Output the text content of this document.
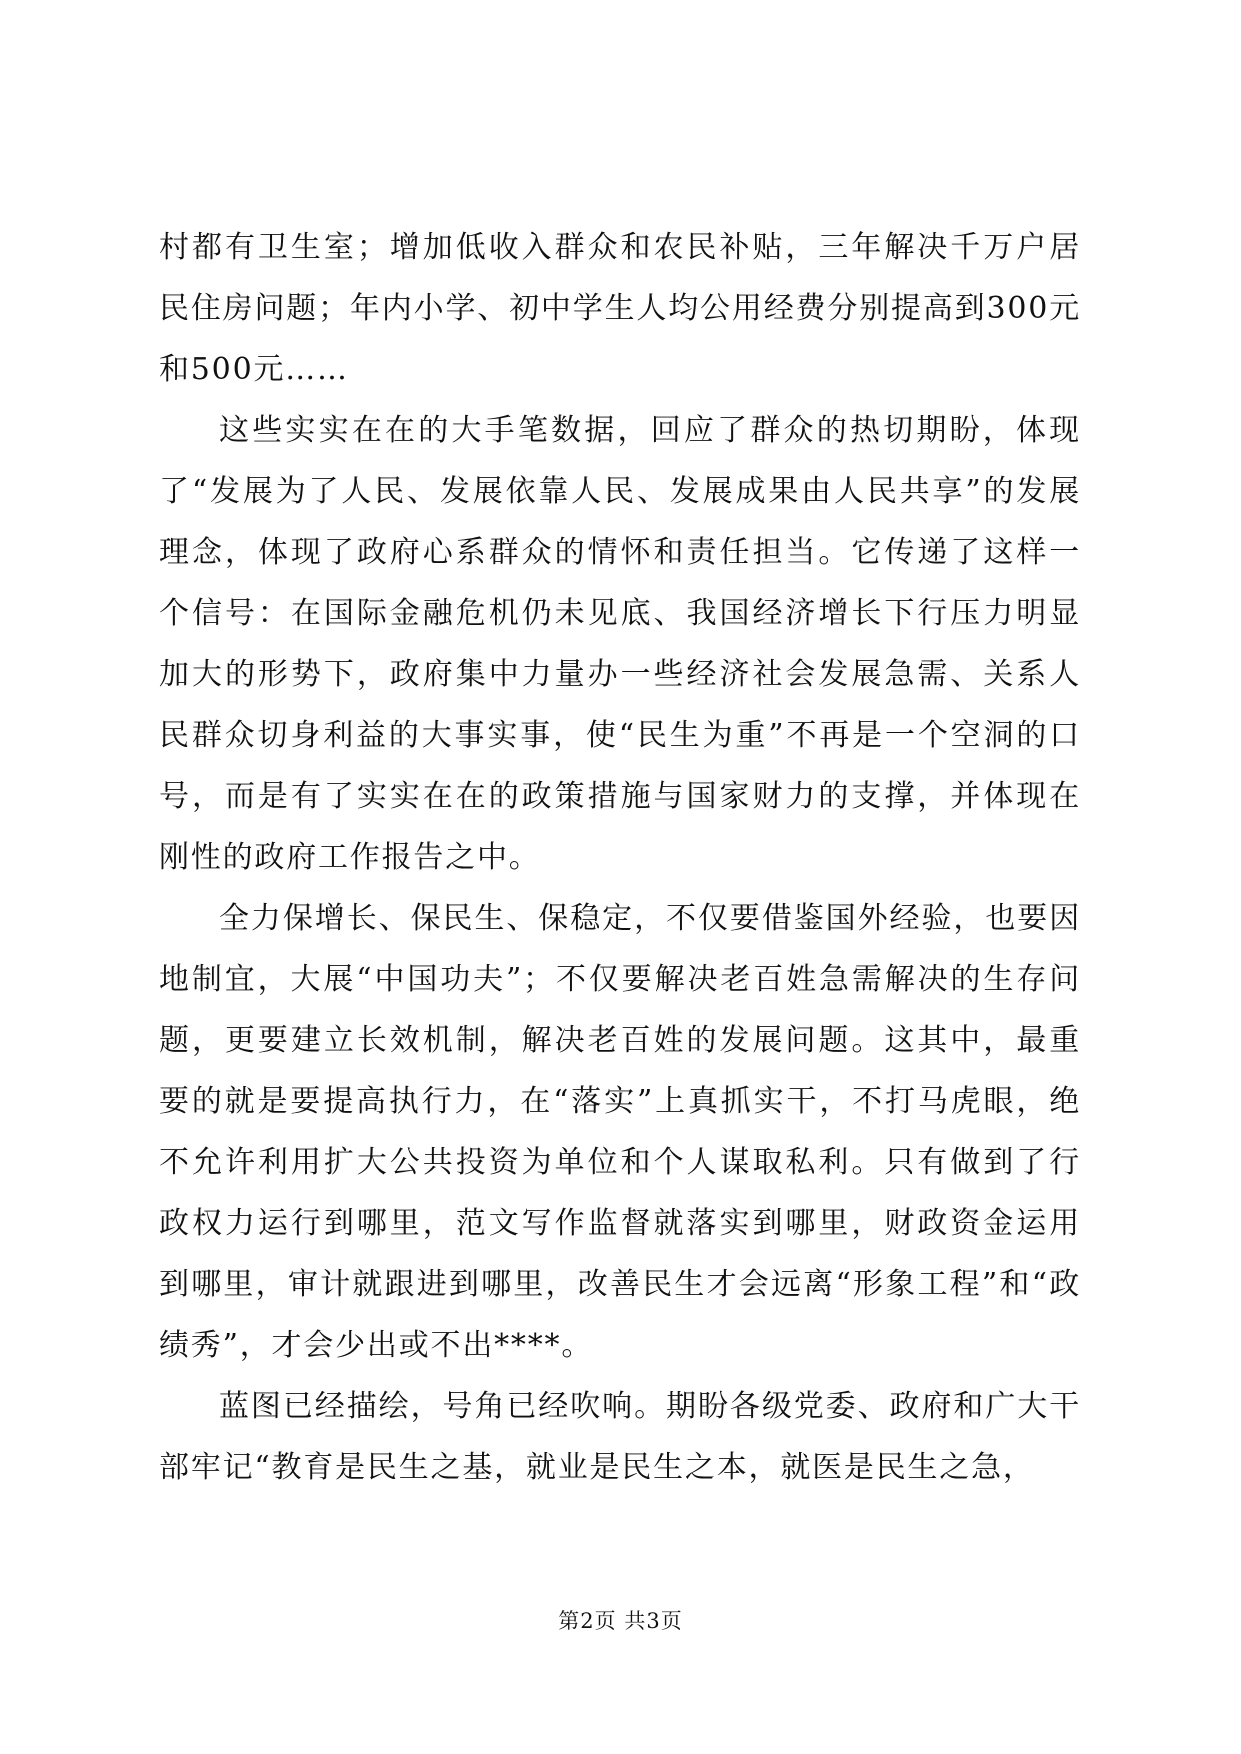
村都有卫生室；增加低收入群众和农民补贴，三年解决千万户居民住房问题；年内小学、初中学生人均公用经费分别提高到300元和500元……

这些实实在在的大手笔数据，回应了群众的热切期盼，体现了“发展为了人民、发展依靠人民、发展成果由人民共享”的发展理念，体现了政府心系群众的情怀和责任担当。它传递了这样一个信号：在国际金融危机仍未见底、我国经济增长下行压力明显加大的形势下，政府集中力量办一些经济社会发展急需、关系人民群众切身利益的大事实事，使“民生为重”不再是一个空洞的口号，而是有了实实在在的政策措施与国家财力的支撑，并体现在刚性的政府工作报告之中。

全力保增长、保民生、保稳定，不仅要借鉴国外经验，也要因地制宜，大展“中国功夫”；不仅要解决老百姓急需解决的生存问题，更要建立长效机制，解决老百姓的发展问题。这其中，最重要的就是要提高执行力，在“落实”上真抓实干，不打马虎眼，绝不允许利用扩大公共投资为单位和个人谋取私利。只有做到了行政权力运行到哪里，范文写作监督就落实到哪里，财政资金运用到哪里，审计就跟进到哪里，改善民生才会远离“形象工程”和“政绩秀”，才会少出或不出****。

蓝图已经描绘，号角已经吹响。期盼各级党委、政府和广大干部牢记“教育是民生之基，就业是民生之本，就医是民生之急，

第2页 共3页
